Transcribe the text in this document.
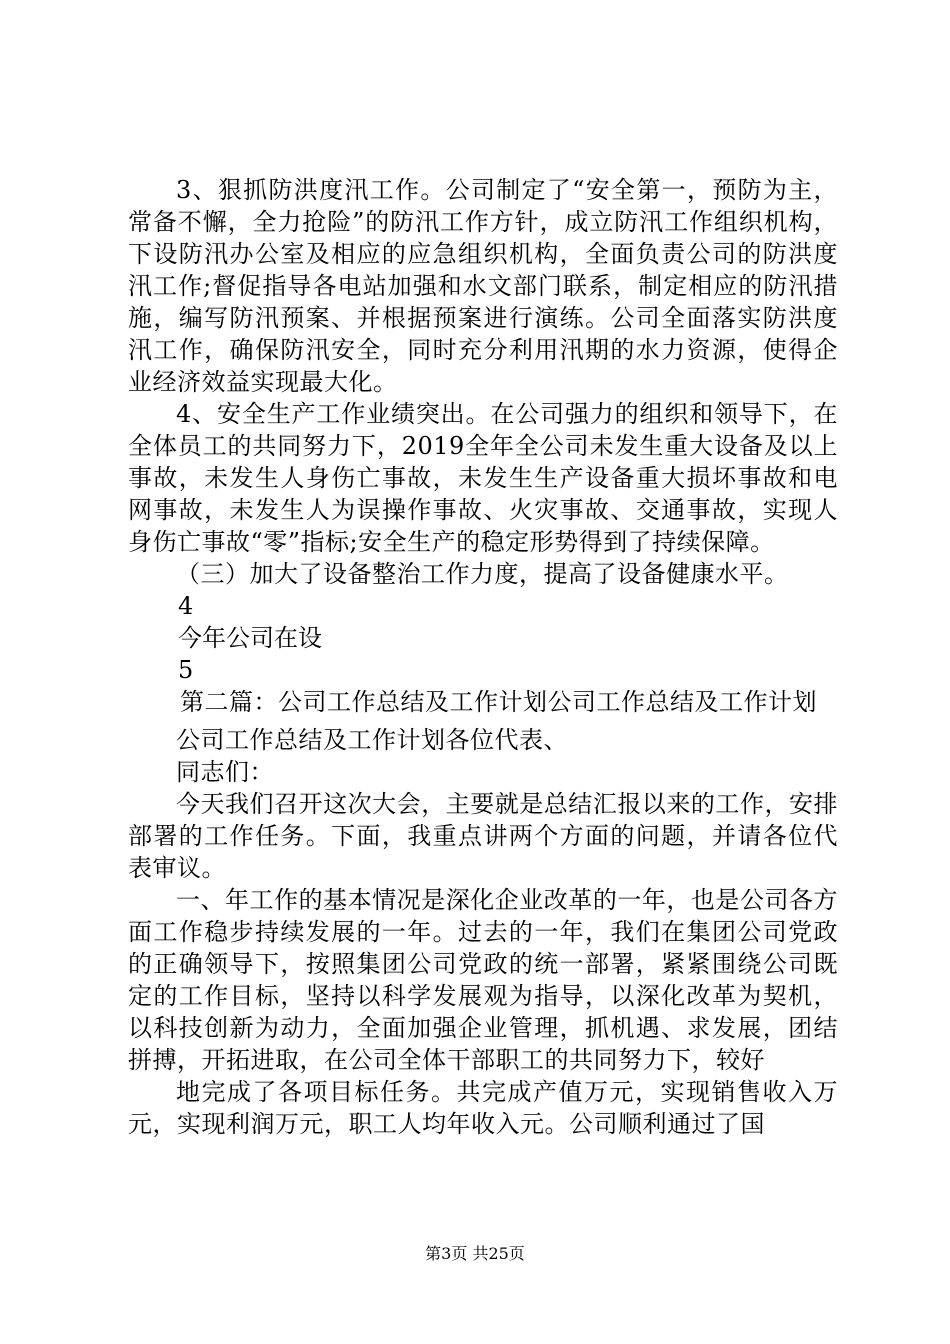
3、狠抓防洪度汛工作。公司制定了“安全第一，预防为主，常备不懈，全力抢险”的防汛工作方针，成立防汛工作组织机构，下设防汛办公室及相应的应急组织机构，全面负责公司的防洪度汛工作;督促指导各电站加强和水文部门联系，制定相应的防汛措施，编写防汛预案、并根据预案进行演练。公司全面落实防洪度汛工作，确保防汛安全，同时充分利用汛期的水力资源，使得企业经济效益实现最大化。

4、安全生产工作业绩突出。在公司强力的组织和领导下，在全体员工的共同努力下，2019全年全公司未发生重大设备及以上事故，未发生人身伤亡事故，未发生生产设备重大损坏事故和电网事故，未发生人为误操作事故、火灾事故、交通事故，实现人身伤亡事故“零”指标;安全生产的稳定形势得到了持续保障。

（三）加大了设备整治工作力度，提高了设备健康水平。

4

今年公司在设

5

第二篇：公司工作总结及工作计划公司工作总结及工作计划

公司工作总结及工作计划各位代表、

同志们：

今天我们召开这次大会，主要就是总结汇报以来的工作，安排部署的工作任务。下面，我重点讲两个方面的问题，并请各位代表审议。

一、年工作的基本情况是深化企业改革的一年，也是公司各方面工作稳步持续发展的一年。过去的一年，我们在集团公司党政的正确领导下，按照集团公司党政的统一部署，紧紧围绕公司既定的工作目标，坚持以科学发展观为指导，以深化改革为契机，以科技创新为动力，全面加强企业管理，抓机遇、求发展，团结拼搏，开拓进取，在公司全体干部职工的共同努力下，较好

地完成了各项目标任务。共完成产值万元，实现销售收入万元，实现利润万元，职工人均年收入元。公司顺利通过了国

第3页 共25页
